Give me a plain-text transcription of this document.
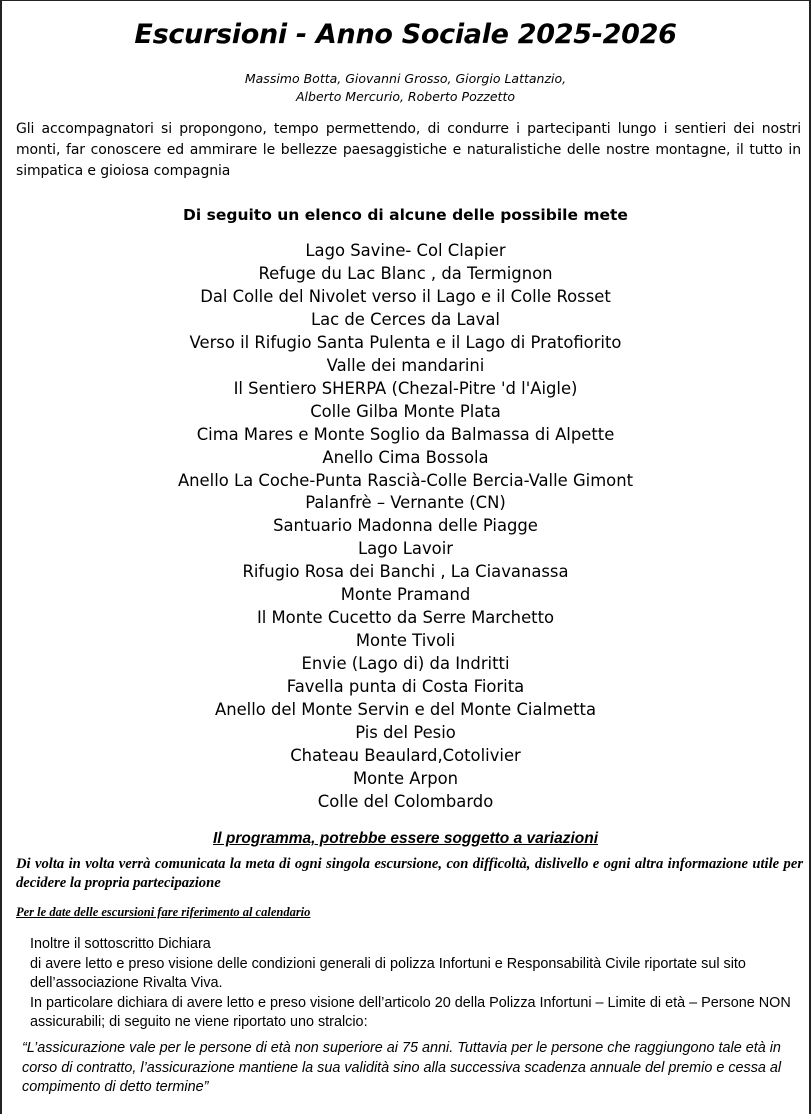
Escursioni - Anno Sociale 2025-2026
Massimo Botta, Giovanni Grosso, Giorgio Lattanzio,
Alberto Mercurio, Roberto Pozzetto
Gli accompagnatori si propongono, tempo permettendo, di condurre i partecipanti lungo i sentieri dei nostri monti, far conoscere ed ammirare le bellezze paesaggistiche e naturalistiche delle nostre montagne, il tutto in simpatica e gioiosa compagnia
Di seguito un elenco di alcune delle possibile mete
Lago Savine- Col Clapier
Refuge du Lac Blanc , da Termignon
Dal Colle del Nivolet verso il Lago e il Colle Rosset
Lac de Cerces da Laval
Verso il Rifugio Santa Pulenta e il Lago di Pratofiorito
Valle dei mandarini
Il Sentiero SHERPA (Chezal-Pitre 'd l'Aigle)
Colle Gilba Monte Plata
Cima Mares e Monte Soglio da Balmassa di Alpette
Anello Cima Bossola
Anello La Coche-Punta Rascià-Colle Bercia-Valle Gimont
Palanfrè – Vernante (CN)
Santuario Madonna delle Piagge
Lago Lavoir
Rifugio Rosa dei Banchi , La Ciavanassa
Monte Pramand
Il Monte Cucetto da Serre Marchetto
Monte Tivoli
Envie (Lago di) da Indritti
Favella punta di Costa Fiorita
Anello del Monte Servin e del Monte Cialmetta
Pis del Pesio
Chateau Beaulard,Cotolivier
Monte Arpon
Colle del Colombardo
Il programma, potrebbe essere soggetto a variazioni
Di volta in volta verrà comunicata la meta di ogni singola escursione, con difficoltà, dislivello e ogni altra informazione utile per decidere la propria partecipazione
Per le date delle escursioni fare riferimento al calendario

Inoltre il sottoscritto Dichiara

di avere letto e preso visione delle condizioni generali di polizza Infortuni e Responsabilità Civile riportate sul sito dell’associazione Rivalta Viva.

In particolare dichiara di avere letto e preso visione dell’articolo 20 della Polizza Infortuni – Limite di età – Persone NON assicurabili; di seguito ne viene riportato uno stralcio:

“L’assicurazione vale per le persone di età non superiore ai 75 anni. Tuttavia per le persone che raggiungono tale età in corso di contratto, l’assicurazione mantiene la sua validità sino alla successiva scadenza annuale del premio e cessa al compimento di detto termine”
